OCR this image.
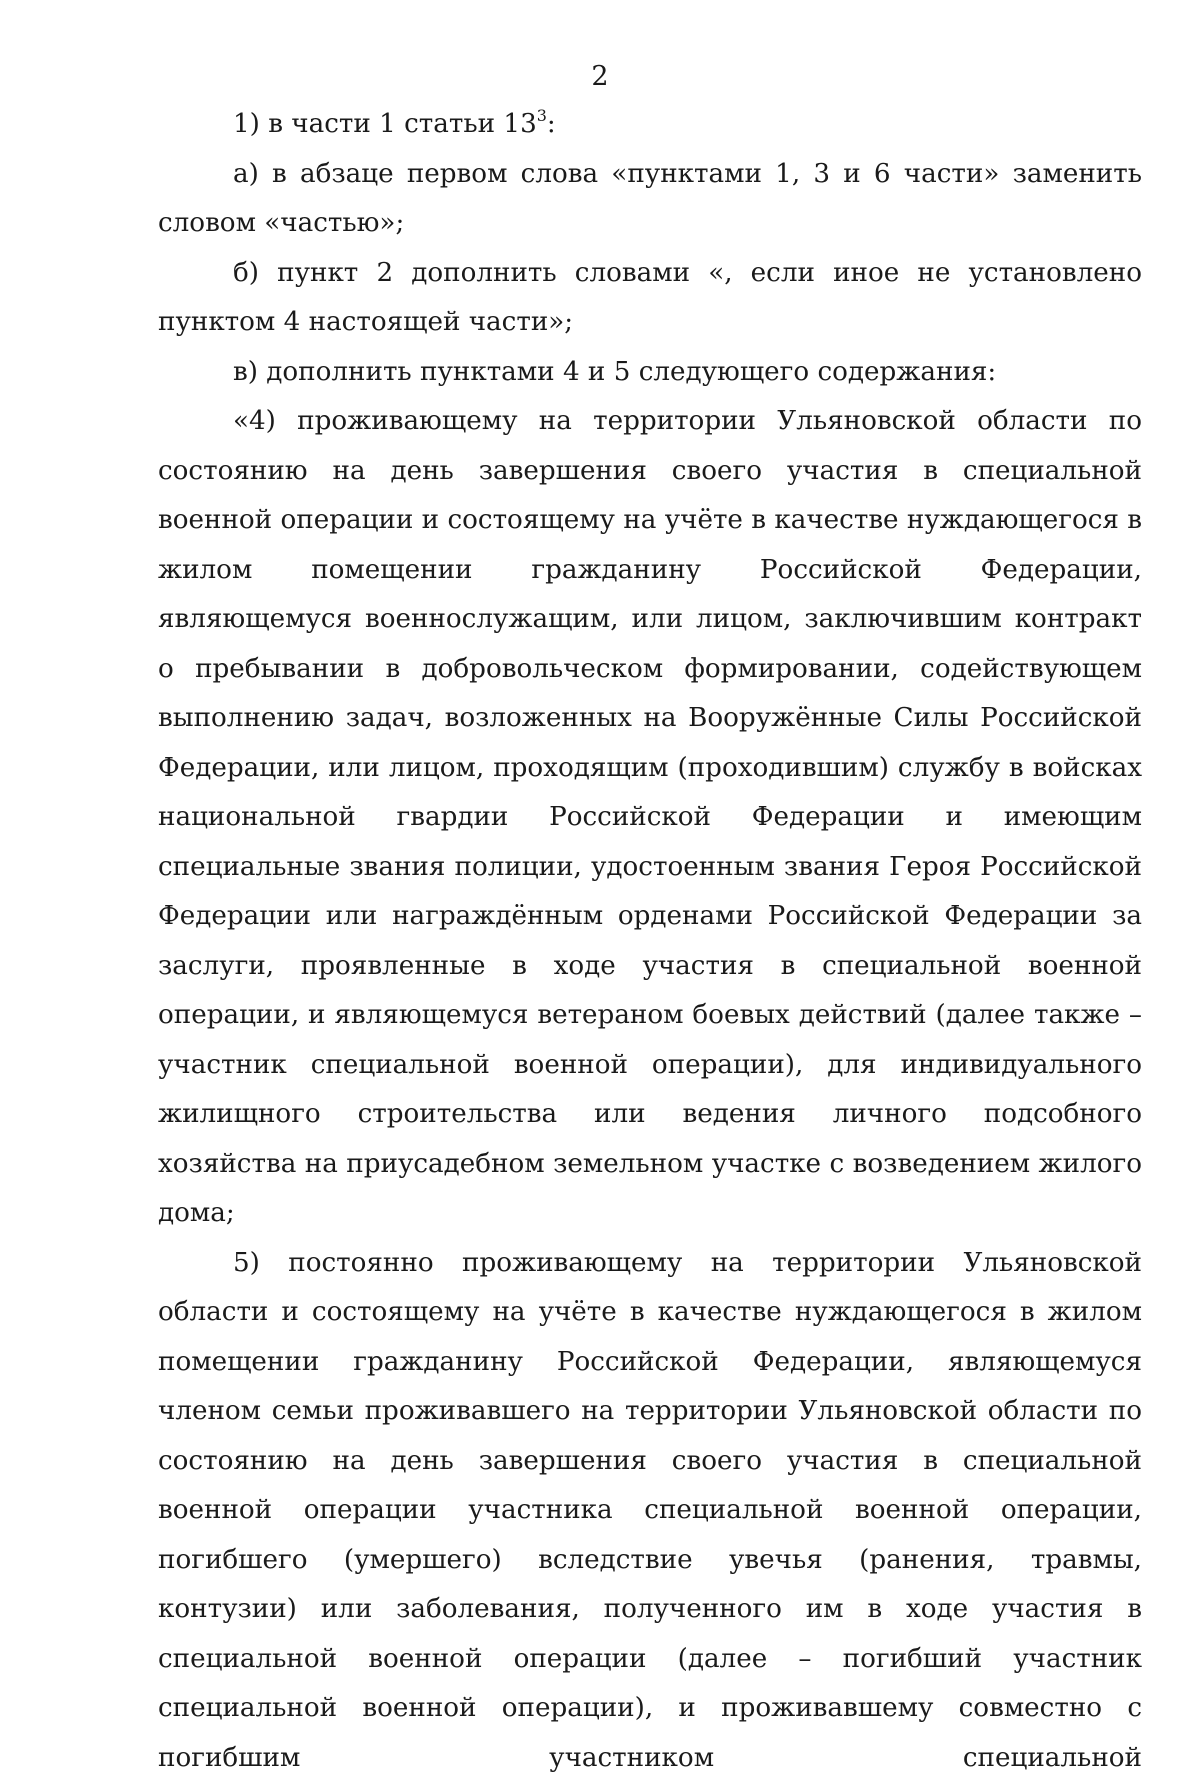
2

1) в части 1 статьи $13^3$:

а) в абзаце первом слова «пунктами 1, 3 и 6 части» заменить словом «частью»;

б) пункт 2 дополнить словами «, если иное не установлено пунктом 4 настоящей части»;

в) дополнить пунктами 4 и 5 следующего содержания:

«4) проживающему на территории Ульяновской области по состоянию на день завершения своего участия в специальной военной операции и состоящему на учёте в качестве нуждающегося в жилом помещении гражданину Российской Федерации, являющемуся военнослужащим, или лицом, заключившим контракт о пребывании в добровольческом формировании, содействующем выполнению задач, возложенных на Вооружённые Силы Российской Федерации, или лицом, проходящим (проходившим) службу в войсках национальной гвардии Российской Федерации и имеющим специальные звания полиции, удостоенным звания Героя Российской Федерации или награждённым орденами Российской Федерации за заслуги, проявленные в ходе участия в специальной военной операции, и являющемуся ветераном боевых действий (далее также – участник специальной военной операции), для индивидуального жилищного строительства или ведения личного подсобного хозяйства на приусадебном земельном участке с возведением жилого дома;

5) постоянно проживающему на территории Ульяновской области и состоящему на учёте в качестве нуждающегося в жилом помещении гражданину Российской Федерации, являющемуся членом семьи проживавшего на территории Ульяновской области по состоянию на день завершения своего участия в специальной военной операции участника специальной военной операции, погибшего (умершего) вследствие увечья (ранения, травмы, контузии) или заболевания, полученного им в ходе участия в специальной военной операции (далее – погибший участник специальной военной операции), и проживавшему совместно с погибшим участником специальной
